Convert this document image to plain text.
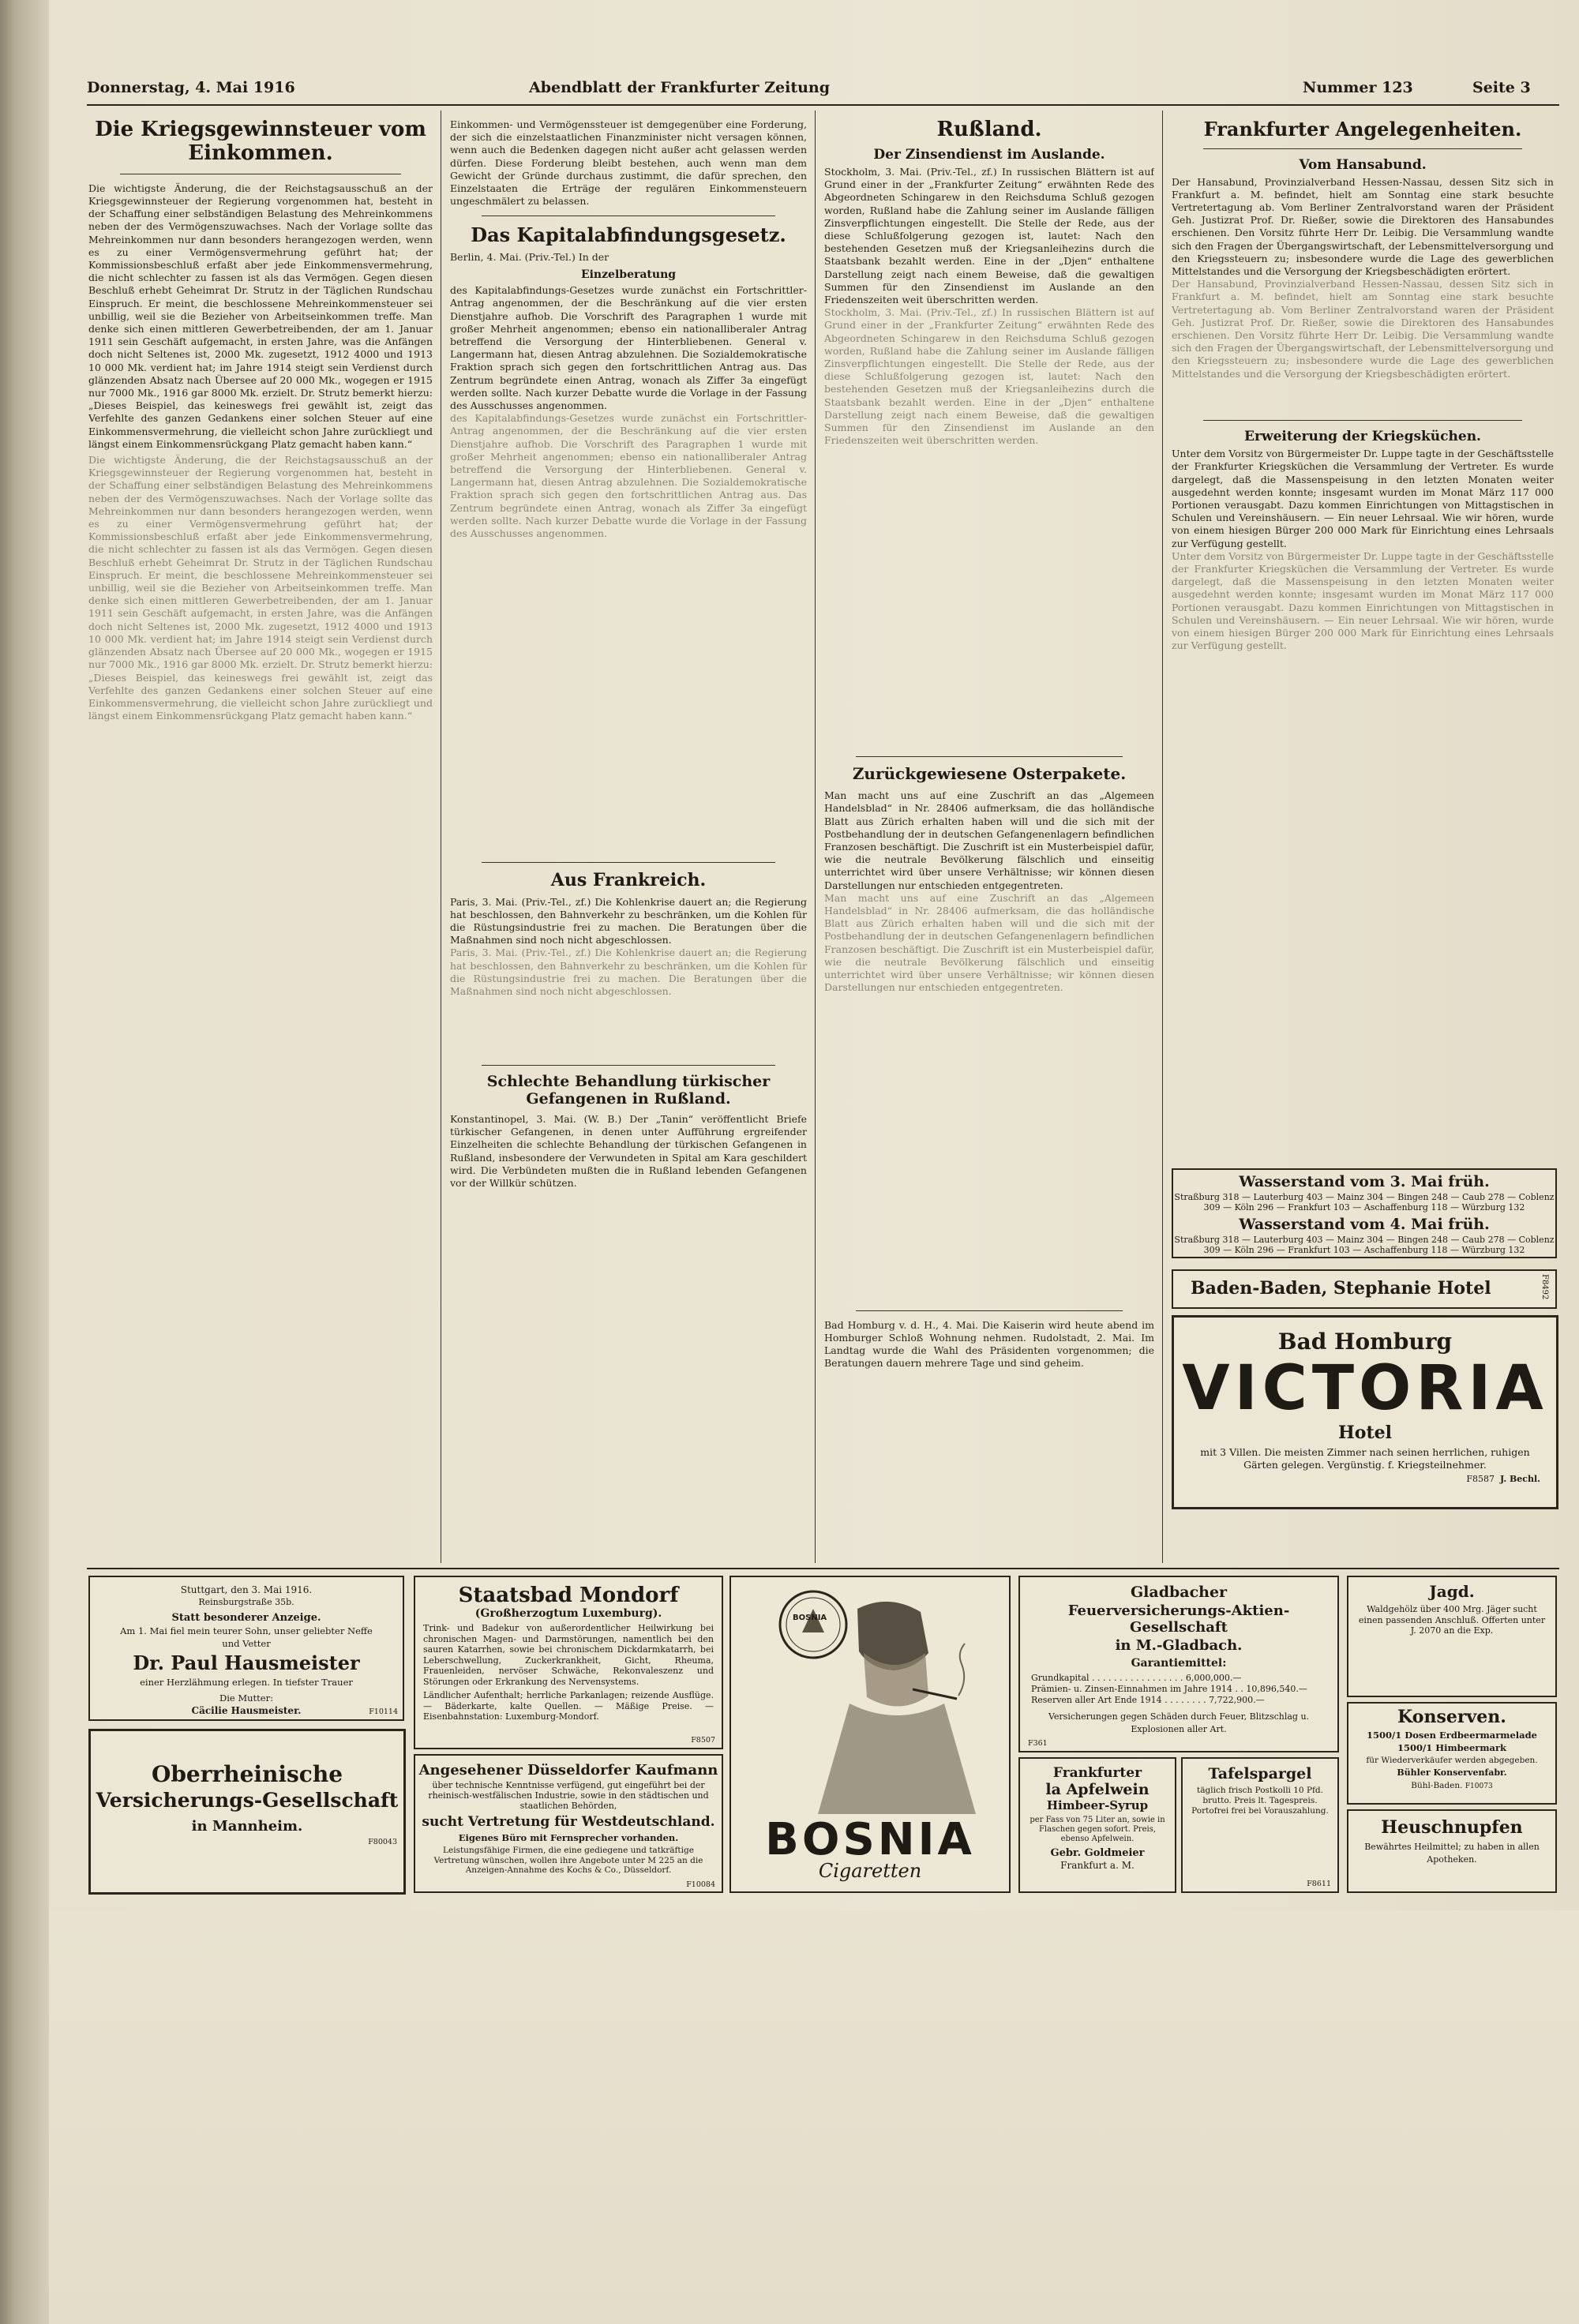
Donnerstag, 4. Mai 1916	Abendblatt der Frankfurter Zeitung	Nummer 123	Seite 3

Die Kriegsgewinnsteuer vom Einkommen.

Die wichtigste Änderung, die der Reichstagsausschuß an der Kriegsgewinnsteuer der Regierung vorgenommen hat, besteht in der Schaffung einer selbständigen Belastung des Mehreinkommens neben der des Vermögenszuwachses. Nach der Vorlage sollte das Mehreinkommen nur dann besonders herangezogen werden, wenn es zu einer Vermögensvermehrung geführt hat; der Kommissionsbeschluß erfaßt aber jede Einkommensvermehrung, die nicht schlechter zu fassen ist als das Vermögen. Gegen diesen Beschluß erhebt Geheimrat Dr. Strutz in der Täglichen Rundschau Einspruch. Er meint, die beschlossene Mehreinkommensteuer sei unbillig, weil sie die Bezieher von Arbeitseinkommen treffe. Man denke sich einen mittleren Gewerbetreibenden, der am 1. Januar 1911 sein Geschäft aufgemacht, in ersten Jahre, was die Anfängen doch nicht Seltenes ist, 2000 Mk. zugesetzt, 1912 4000 und 1913 10 000 Mk. verdient hat; im Jahre 1914 steigt sein Verdienst durch glänzenden Absatz nach Übersee auf 20 000 Mk., wogegen er 1915 nur 7000 Mk., 1916 gar 8000 Mk. erzielt. Dr. Strutz bemerkt hierzu: „Dieses Beispiel, das keineswegs frei gewählt ist, zeigt das Verfehlte des ganzen Gedankens einer solchen Steuer auf eine Einkommensvermehrung, die vielleicht schon Jahre zurückliegt und längst einem Einkommensrückgang Platz gemacht haben kann.“

Die wichtigste Änderung, die der Reichstagsausschuß an der Kriegsgewinnsteuer der Regierung vorgenommen hat, besteht in der Schaffung einer selbständigen Belastung des Mehreinkommens neben der des Vermögenszuwachses. Nach der Vorlage sollte das Mehreinkommen nur dann besonders herangezogen werden, wenn es zu einer Vermögensvermehrung geführt hat; der Kommissionsbeschluß erfaßt aber jede Einkommensvermehrung, die nicht schlechter zu fassen ist als das Vermögen. Gegen diesen Beschluß erhebt Geheimrat Dr. Strutz in der Täglichen Rundschau Einspruch. Er meint, die beschlossene Mehreinkommensteuer sei unbillig, weil sie die Bezieher von Arbeitseinkommen treffe. Man denke sich einen mittleren Gewerbetreibenden, der am 1. Januar 1911 sein Geschäft aufgemacht, in ersten Jahre, was die Anfängen doch nicht Seltenes ist, 2000 Mk. zugesetzt, 1912 4000 und 1913 10 000 Mk. verdient hat; im Jahre 1914 steigt sein Verdienst durch glänzenden Absatz nach Übersee auf 20 000 Mk., wogegen er 1915 nur 7000 Mk., 1916 gar 8000 Mk. erzielt. Dr. Strutz bemerkt hierzu: „Dieses Beispiel, das keineswegs frei gewählt ist, zeigt das Verfehlte des ganzen Gedankens einer solchen Steuer auf eine Einkommensvermehrung, die vielleicht schon Jahre zurückliegt und längst einem Einkommensrückgang Platz gemacht haben kann.“

Einkommen- und Vermögenssteuer ist demgegenüber eine Forderung, der sich die einzelstaatlichen Finanzminister nicht versagen können, wenn auch die Bedenken dagegen nicht außer acht gelassen werden dürfen. Diese Forderung bleibt bestehen, auch wenn man dem Gewicht der Gründe durchaus zustimmt, die dafür sprechen, den Einzelstaaten die Erträge der regulären Einkommensteuern ungeschmälert zu belassen.

Das Kapitalabfindungsgesetz.

Berlin, 4. Mai. (Priv.-Tel.) In der

Einzelberatung

des Kapitalabfindungs-Gesetzes wurde zunächst ein Fortschrittler-Antrag angenommen, der die Beschränkung auf die vier ersten Dienstjahre aufhob. Die Vorschrift des Paragraphen 1 wurde mit großer Mehrheit angenommen; ebenso ein nationalliberaler Antrag betreffend die Versorgung der Hinterbliebenen. General v. Langermann hat, diesen Antrag abzulehnen. Die Sozialdemokratische Fraktion sprach sich gegen den fortschrittlichen Antrag aus. Das Zentrum begründete einen Antrag, wonach als Ziffer 3a eingefügt werden sollte. Nach kurzer Debatte wurde die Vorlage in der Fassung des Ausschusses angenommen.

des Kapitalabfindungs-Gesetzes wurde zunächst ein Fortschrittler-Antrag angenommen, der die Beschränkung auf die vier ersten Dienstjahre aufhob. Die Vorschrift des Paragraphen 1 wurde mit großer Mehrheit angenommen; ebenso ein nationalliberaler Antrag betreffend die Versorgung der Hinterbliebenen. General v. Langermann hat, diesen Antrag abzulehnen. Die Sozialdemokratische Fraktion sprach sich gegen den fortschrittlichen Antrag aus. Das Zentrum begründete einen Antrag, wonach als Ziffer 3a eingefügt werden sollte. Nach kurzer Debatte wurde die Vorlage in der Fassung des Ausschusses angenommen.

Aus Frankreich.

Paris, 3. Mai. (Priv.-Tel., zf.) Die Kohlenkrise dauert an; die Regierung hat beschlossen, den Bahnverkehr zu beschränken, um die Kohlen für die Rüstungsindustrie frei zu machen. Die Beratungen über die Maßnahmen sind noch nicht abgeschlossen.

Paris, 3. Mai. (Priv.-Tel., zf.) Die Kohlenkrise dauert an; die Regierung hat beschlossen, den Bahnverkehr zu beschränken, um die Kohlen für die Rüstungsindustrie frei zu machen. Die Beratungen über die Maßnahmen sind noch nicht abgeschlossen.

Schlechte Behandlung türkischer Gefangenen in Rußland.

Konstantinopel, 3. Mai. (W. B.) Der „Tanin“ veröffentlicht Briefe türkischer Gefangenen, in denen unter Aufführung ergreifender Einzelheiten die schlechte Behandlung der türkischen Gefangenen in Rußland, insbesondere der Verwundeten in Spital am Kara geschildert wird. Die Verbündeten mußten die in Rußland lebenden Gefangenen vor der Willkür schützen.

Rußland.

Der Zinsendienst im Auslande.

Stockholm, 3. Mai. (Priv.-Tel., zf.) In russischen Blättern ist auf Grund einer in der „Frankfurter Zeitung“ erwähnten Rede des Abgeordneten Schingarew in den Reichsduma Schluß gezogen worden, Rußland habe die Zahlung seiner im Auslande fälligen Zinsverpflichtungen eingestellt. Die Stelle der Rede, aus der diese Schlußfolgerung gezogen ist, lautet: Nach den bestehenden Gesetzen muß der Kriegsanleihezins durch die Staatsbank bezahlt werden. Eine in der „Djen“ enthaltene Darstellung zeigt nach einem Beweise, daß die gewaltigen Summen für den Zinsendienst im Auslande an den Friedenszeiten weit überschritten werden.

Stockholm, 3. Mai. (Priv.-Tel., zf.) In russischen Blättern ist auf Grund einer in der „Frankfurter Zeitung“ erwähnten Rede des Abgeordneten Schingarew in den Reichsduma Schluß gezogen worden, Rußland habe die Zahlung seiner im Auslande fälligen Zinsverpflichtungen eingestellt. Die Stelle der Rede, aus der diese Schlußfolgerung gezogen ist, lautet: Nach den bestehenden Gesetzen muß der Kriegsanleihezins durch die Staatsbank bezahlt werden. Eine in der „Djen“ enthaltene Darstellung zeigt nach einem Beweise, daß die gewaltigen Summen für den Zinsendienst im Auslande an den Friedenszeiten weit überschritten werden.

Zurückgewiesene Osterpakete.

Man macht uns auf eine Zuschrift an das „Algemeen Handelsblad“ in Nr. 28406 aufmerksam, die das holländische Blatt aus Zürich erhalten haben will und die sich mit der Postbehandlung der in deutschen Gefangenenlagern befindlichen Franzosen beschäftigt. Die Zuschrift ist ein Musterbeispiel dafür, wie die neutrale Bevölkerung fälschlich und einseitig unterrichtet wird über unsere Verhältnisse; wir können diesen Darstellungen nur entschieden entgegentreten.

Man macht uns auf eine Zuschrift an das „Algemeen Handelsblad“ in Nr. 28406 aufmerksam, die das holländische Blatt aus Zürich erhalten haben will und die sich mit der Postbehandlung der in deutschen Gefangenenlagern befindlichen Franzosen beschäftigt. Die Zuschrift ist ein Musterbeispiel dafür, wie die neutrale Bevölkerung fälschlich und einseitig unterrichtet wird über unsere Verhältnisse; wir können diesen Darstellungen nur entschieden entgegentreten.

Bad Homburg v. d. H., 4. Mai. Die Kaiserin wird heute abend im Homburger Schloß Wohnung nehmen. Rudolstadt, 2. Mai. Im Landtag wurde die Wahl des Präsidenten vorgenommen; die Beratungen dauern mehrere Tage und sind geheim.

Frankfurter Angelegenheiten.

Vom Hansabund.

Der Hansabund, Provinzialverband Hessen-Nassau, dessen Sitz sich in Frankfurt a. M. befindet, hielt am Sonntag eine stark besuchte Vertretertagung ab. Vom Berliner Zentralvorstand waren der Präsident Geh. Justizrat Prof. Dr. Rießer, sowie die Direktoren des Hansabundes erschienen. Den Vorsitz führte Herr Dr. Leibig. Die Versammlung wandte sich den Fragen der Übergangswirtschaft, der Lebensmittelversorgung und den Kriegssteuern zu; insbesondere wurde die Lage des gewerblichen Mittelstandes und die Versorgung der Kriegsbeschädigten erörtert.

Der Hansabund, Provinzialverband Hessen-Nassau, dessen Sitz sich in Frankfurt a. M. befindet, hielt am Sonntag eine stark besuchte Vertretertagung ab. Vom Berliner Zentralvorstand waren der Präsident Geh. Justizrat Prof. Dr. Rießer, sowie die Direktoren des Hansabundes erschienen. Den Vorsitz führte Herr Dr. Leibig. Die Versammlung wandte sich den Fragen der Übergangswirtschaft, der Lebensmittelversorgung und den Kriegssteuern zu; insbesondere wurde die Lage des gewerblichen Mittelstandes und die Versorgung der Kriegsbeschädigten erörtert.

Erweiterung der Kriegsküchen.

Unter dem Vorsitz von Bürgermeister Dr. Luppe tagte in der Geschäftsstelle der Frankfurter Kriegsküchen die Versammlung der Vertreter. Es wurde dargelegt, daß die Massenspeisung in den letzten Monaten weiter ausgedehnt werden konnte; insgesamt wurden im Monat März 117 000 Portionen verausgabt. Dazu kommen Einrichtungen von Mittagstischen in Schulen und Vereinshäusern. — Ein neuer Lehrsaal. Wie wir hören, wurde von einem hiesigen Bürger 200 000 Mark für Einrichtung eines Lehrsaals zur Verfügung gestellt.

Unter dem Vorsitz von Bürgermeister Dr. Luppe tagte in der Geschäftsstelle der Frankfurter Kriegsküchen die Versammlung der Vertreter. Es wurde dargelegt, daß die Massenspeisung in den letzten Monaten weiter ausgedehnt werden konnte; insgesamt wurden im Monat März 117 000 Portionen verausgabt. Dazu kommen Einrichtungen von Mittagstischen in Schulen und Vereinshäusern. — Ein neuer Lehrsaal. Wie wir hören, wurde von einem hiesigen Bürger 200 000 Mark für Einrichtung eines Lehrsaals zur Verfügung gestellt.

Wasserstand vom 3. Mai früh.

Straßburg 318 — Lauterburg 403 — Mainz 304 — Bingen 248 — Caub 278 — Coblenz 309 — Köln 296 — Frankfurt 103 — Aschaffenburg 118 — Würzburg 132

Wasserstand vom 4. Mai früh.

Straßburg 318 — Lauterburg 403 — Mainz 304 — Bingen 248 — Caub 278 — Coblenz 309 — Köln 296 — Frankfurt 103 — Aschaffenburg 118 — Würzburg 132

Baden-Baden, Stephanie Hotel	F8492

Bad Homburg

VICTORIA

Hotel

mit 3 Villen. Die meisten Zimmer nach seinen herrlichen, ruhigen Gärten gelegen. Vergünstig. f. Kriegsteilnehmer.

F8587 J. Bechl.

Stuttgart, den 3. Mai 1916.

Reinsburgstraße 35b.

Statt besonderer Anzeige.

Am 1. Mai fiel mein teurer Sohn, unser geliebter Neffe und Vetter

Dr. Paul Hausmeister

einer Herzlähmung erlegen. In tiefster Trauer

Die Mutter:

Cäcilie Hausmeister.	F10114

Oberrheinische

Versicherungs-Gesellschaft

in Mannheim.

F80043

Staatsbad Mondorf

(Großherzogtum Luxemburg).

Trink- und Badekur von außerordentlicher Heilwirkung bei chronischen Magen- und Darmstörungen, namentlich bei den sauren Katarrhen, sowie bei chronischem Dickdarmkatarrh, bei Leberschwellung, Zuckerkrankheit, Gicht, Rheuma, Frauenleiden, nervöser Schwäche, Rekonvaleszenz und Störungen oder Erkrankung des Nervensystems.

Ländlicher Aufenthalt; herrliche Parkanlagen; reizende Ausflüge. — Bäderkarte, kalte Quellen. — Mäßige Preise. — Eisenbahnstation: Luxemburg-Mondorf.

F8507

Angesehener Düsseldorfer Kaufmann

über technische Kenntnisse verfügend, gut eingeführt bei der rheinisch-westfälischen Industrie, sowie in den städtischen und staatlichen Behörden,

sucht Vertretung für Westdeutschland.

Eigenes Büro mit Fernsprecher vorhanden.

Leistungsfähige Firmen, die eine gediegene und tatkräftige Vertretung wünschen, wollen ihre Angebote unter M 225 an die Anzeigen-Annahme des Kochs & Co., Düsseldorf.

F10084
BOSNIA

BOSNIA

Cigaretten

Gladbacher

Feuerversicherungs-Aktien-Gesellschaft

in M.-Gladbach.

Garantiemittel:

Grundkapital . . . . . . . . . . . . . . . . . 6,000,000.—
Prämien- u. Zinsen-Einnahmen im Jahre 1914 . . 10,896,540.—
Reserven aller Art Ende 1914 . . . . . . . . 7,722,900.—

Versicherungen gegen Schäden durch Feuer, Blitzschlag u. Explosionen aller Art.

F361

Frankfurter

la Apfelwein

Himbeer-Syrup

per Fass von 75 Liter an, sowie in Flaschen gegen sofort. Preis, ebenso Apfelwein.

Gebr. Goldmeier

Frankfurt a. M.

Tafelspargel

täglich frisch Postkolli 10 Pfd. brutto. Preis lt. Tagespreis. Portofrei frei bei Vorauszahlung.

F8611

Jagd.

Waldgehölz über 400 Mrg. Jäger sucht einen passenden Anschluß. Offerten unter J. 2070 an die Exp.

Konserven.

1500/1 Dosen Erdbeermarmelade

1500/1 Himbeermark

für Wiederverkäufer werden abgegeben.

Bühler Konservenfabr.

Bühl-Baden. F10073

Heuschnupfen

Bewährtes Heilmittel; zu haben in allen Apotheken.
